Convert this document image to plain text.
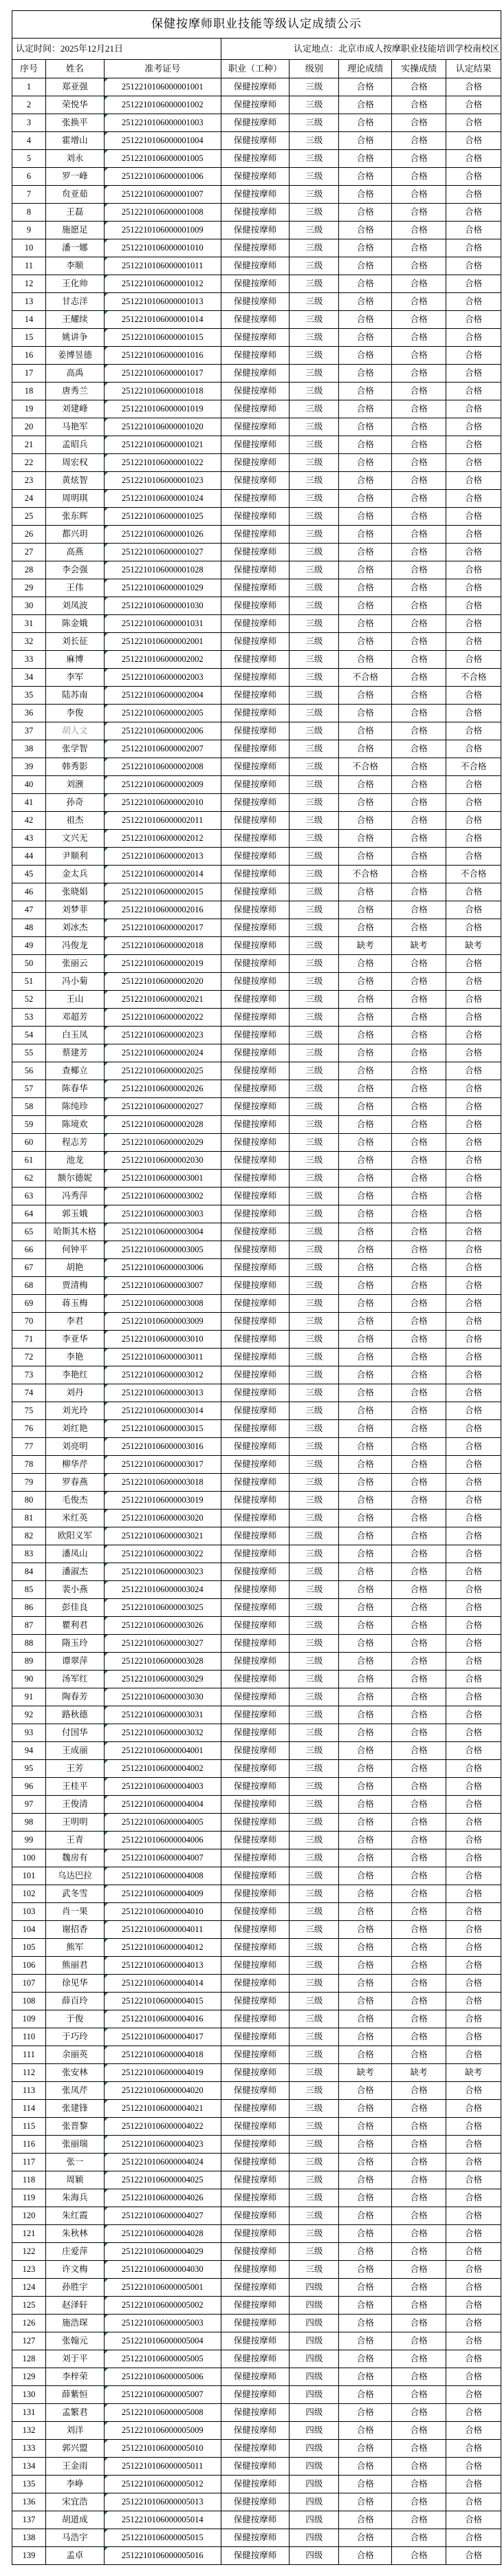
保健按摩师职业技能等级认定成绩公示
认定时间：2025年12月21日	认定地点：北京市成人按摩职业技能培训学校南校区
序号	姓名	准考证号	职业（工种）	级别	理论成绩	实操成绩	认定结果
1	郑亚强	2512210106000001001	保健按摩师	三级	合格	合格	合格
2	荣悦华	2512210106000001002	保健按摩师	三级	合格	合格	合格
3	张换平	2512210106000001003	保健按摩师	三级	合格	合格	合格
4	霍增山	2512210106000001004	保健按摩师	三级	合格	合格	合格
5	刘永	2512210106000001005	保健按摩师	三级	合格	合格	合格
6	罗一峰	2512210106000001006	保健按摩师	三级	合格	合格	合格
7	贠亚茹	2512210106000001007	保健按摩师	三级	合格	合格	合格
8	王磊	2512210106000001008	保健按摩师	三级	合格	合格	合格
9	施愿足	2512210106000001009	保健按摩师	三级	合格	合格	合格
10	潘一娜	2512210106000001010	保健按摩师	三级	合格	合格	合格
11	李顺	2512210106000001011	保健按摩师	三级	合格	合格	合格
12	王化帅	2512210106000001012	保健按摩师	三级	合格	合格	合格
13	甘志洋	2512210106000001013	保健按摩师	三级	合格	合格	合格
14	王耀续	2512210106000001014	保健按摩师	三级	合格	合格	合格
15	姚讲争	2512210106000001015	保健按摩师	三级	合格	合格	合格
16	姜博昱德	2512210106000001016	保健按摩师	三级	合格	合格	合格
17	高禹	2512210106000001017	保健按摩师	三级	合格	合格	合格
18	唐秀兰	2512210106000001018	保健按摩师	三级	合格	合格	合格
19	刘建峰	2512210106000001019	保健按摩师	三级	合格	合格	合格
20	马艳军	2512210106000001020	保健按摩师	三级	合格	合格	合格
21	孟昭兵	2512210106000001021	保健按摩师	三级	合格	合格	合格
22	周宏权	2512210106000001022	保健按摩师	三级	合格	合格	合格
23	黄炫智	2512210106000001023	保健按摩师	三级	合格	合格	合格
24	周明琪	2512210106000001024	保健按摩师	三级	合格	合格	合格
25	张东辉	2512210106000001025	保健按摩师	三级	合格	合格	合格
26	都兴玥	2512210106000001026	保健按摩师	三级	合格	合格	合格
27	高燕	2512210106000001027	保健按摩师	三级	合格	合格	合格
28	李会强	2512210106000001028	保健按摩师	三级	合格	合格	合格
29	王伟	2512210106000001029	保健按摩师	三级	合格	合格	合格
30	刘凤波	2512210106000001030	保健按摩师	三级	合格	合格	合格
31	陈金娥	2512210106000001031	保健按摩师	三级	合格	合格	合格
32	刘长征	2512210106000002001	保健按摩师	三级	合格	合格	合格
33	麻博	2512210106000002002	保健按摩师	三级	合格	合格	合格
34	李军	2512210106000002003	保健按摩师	三级	不合格	合格	不合格
35	陆苏南	2512210106000002004	保健按摩师	三级	合格	合格	合格
36	李俊	2512210106000002005	保健按摩师	三级	合格	合格	合格
37	胡人文	2512210106000002006	保健按摩师	三级	合格	合格	合格
38	张学智	2512210106000002007	保健按摩师	三级	合格	合格	合格
39	韩秀影	2512210106000002008	保健按摩师	三级	不合格	合格	不合格
40	刘滪	2512210106000002009	保健按摩师	三级	合格	合格	合格
41	孙奇	2512210106000002010	保健按摩师	三级	合格	合格	合格
42	祖杰	2512210106000002011	保健按摩师	三级	合格	合格	合格
43	文兴无	2512210106000002012	保健按摩师	三级	合格	合格	合格
44	尹顺利	2512210106000002013	保健按摩师	三级	合格	合格	合格
45	金太兵	2512210106000002014	保健按摩师	三级	不合格	合格	不合格
46	张晓娟	2512210106000002015	保健按摩师	三级	合格	合格	合格
47	刘梦菲	2512210106000002016	保健按摩师	三级	合格	合格	合格
48	刘冰杰	2512210106000002017	保健按摩师	三级	合格	合格	合格
49	冯俊龙	2512210106000002018	保健按摩师	三级	缺考	缺考	缺考
50	张丽云	2512210106000002019	保健按摩师	三级	合格	合格	合格
51	冯小菊	2512210106000002020	保健按摩师	三级	合格	合格	合格
52	王山	2512210106000002021	保健按摩师	三级	合格	合格	合格
53	邓超芳	2512210106000002022	保健按摩师	三级	合格	合格	合格
54	白玉凤	2512210106000002023	保健按摩师	三级	合格	合格	合格
55	蔡建芳	2512210106000002024	保健按摩师	三级	合格	合格	合格
56	查椰立	2512210106000002025	保健按摩师	三级	合格	合格	合格
57	陈春华	2512210106000002026	保健按摩师	三级	合格	合格	合格
58	陈纯珍	2512210106000002027	保健按摩师	三级	合格	合格	合格
59	陈境欢	2512210106000002028	保健按摩师	三级	合格	合格	合格
60	程志芳	2512210106000002029	保健按摩师	三级	合格	合格	合格
61	池龙	2512210106000002030	保健按摩师	三级	合格	合格	合格
62	额尔德妮	2512210106000003001	保健按摩师	三级	合格	合格	合格
63	冯秀萍	2512210106000003002	保健按摩师	三级	合格	合格	合格
64	郭玉娥	2512210106000003003	保健按摩师	三级	合格	合格	合格
65 哈斯其木格	2512210106000003004	保健按摩师	三级	合格	合格	合格
66	何钟平	2512210106000003005	保健按摩师	三级	合格	合格	合格
67	胡艳	2512210106000003006	保健按摩师	三级	合格	合格	合格
68	贾清梅	2512210106000003007	保健按摩师	三级	合格	合格	合格
69	蒋玉梅	2512210106000003008	保健按摩师	三级	合格	合格	合格
70	李君	2512210106000003009	保健按摩师	三级	合格	合格	合格
71	李亚华	2512210106000003010	保健按摩师	三级	合格	合格	合格
72	李艳	2512210106000003011	保健按摩师	三级	合格	合格	合格
73	李艳红	2512210106000003012	保健按摩师	三级	合格	合格	合格
74	刘丹	2512210106000003013	保健按摩师	三级	合格	合格	合格
75	刘光玲	2512210106000003014	保健按摩师	三级	合格	合格	合格
76	刘红艳	2512210106000003015	保健按摩师	三级	合格	合格	合格
77	刘亮明	2512210106000003016	保健按摩师	三级	合格	合格	合格
78	柳华芹	2512210106000003017	保健按摩师	三级	合格	合格	合格
79	罗春燕	2512210106000003018	保健按摩师	三级	合格	合格	合格
80	毛俊杰	2512210106000003019	保健按摩师	三级	合格	合格	合格
81	米红英	2512210106000003020	保健按摩师	三级	合格	合格	合格
82	欧阳义军	2512210106000003021	保健按摩师	三级	合格	合格	合格
83	潘凤山	2512210106000003022	保健按摩师	三级	合格	合格	合格
84	潘淑杰	2512210106000003023	保健按摩师	三级	合格	合格	合格
85	裴小燕	2512210106000003024	保健按摩师	三级	合格	合格	合格
86	彭佳良	2512210106000003025	保健按摩师	三级	合格	合格	合格
87	瞿利君	2512210106000003026	保健按摩师	三级	合格	合格	合格
88	隋玉玲	2512210106000003027	保健按摩师	三级	合格	合格	合格
89	谭翠萍	2512210106000003028	保健按摩师	三级	合格	合格	合格
90	汤军红	2512210106000003029	保健按摩师	三级	合格	合格	合格
91	陶春芳	2512210106000003030	保健按摩师	三级	合格	合格	合格
92	路秋德	2512210106000003031	保健按摩师	三级	合格	合格	合格
93	付国华	2512210106000003032	保健按摩师	三级	合格	合格	合格
94	王成丽	2512210106000004001	保健按摩师	三级	合格	合格	合格
95	王芳	2512210106000004002	保健按摩师	三级	合格	合格	合格
96	王桂平	2512210106000004003	保健按摩师	三级	合格	合格	合格
97	王俊清	2512210106000004004	保健按摩师	三级	合格	合格	合格
98	王明明	2512210106000004005	保健按摩师	三级	合格	合格	合格
99	王青	2512210106000004006	保健按摩师	三级	合格	合格	合格
100	魏房有	2512210106000004007	保健按摩师	三级	合格	合格	合格
101	乌达巴拉	2512210106000004008	保健按摩师	三级	合格	合格	合格
102	武冬雪	2512210106000004009	保健按摩师	三级	合格	合格	合格
103	肖一果	2512210106000004010	保健按摩师	三级	合格	合格	合格
104	谢招香	2512210106000004011	保健按摩师	三级	合格	合格	合格
105	熊军	2512210106000004012	保健按摩师	三级	合格	合格	合格
106	熊丽君	2512210106000004013	保健按摩师	三级	合格	合格	合格
107	徐见华	2512210106000004014	保健按摩师	三级	合格	合格	合格
108	薛百玲	2512210106000004015	保健按摩师	三级	合格	合格	合格
109	于俊	2512210106000004016	保健按摩师	三级	合格	合格	合格
110	于巧玲	2512210106000004017	保健按摩师	三级	合格	合格	合格
111	余丽英	2512210106000004018	保健按摩师	三级	合格	合格	合格
112	张安林	2512210106000004019	保健按摩师	三级	缺考	缺考	缺考
113	张凤芹	2512210106000004020	保健按摩师	三级	合格	合格	合格
114	张建锋	2512210106000004021	保健按摩师	三级	合格	合格	合格
115	张晋黎	2512210106000004022	保健按摩师	三级	合格	合格	合格
116	张丽瑞	2512210106000004023	保健按摩师	三级	合格	合格	合格
117	张一	2512210106000004024	保健按摩师	三级	合格	合格	合格
118	周颖	2512210106000004025	保健按摩师	三级	合格	合格	合格
119	朱海兵	2512210106000004026	保健按摩师	三级	合格	合格	合格
120	朱红霞	2512210106000004027	保健按摩师	三级	合格	合格	合格
121	朱秋林	2512210106000004028	保健按摩师	三级	合格	合格	合格
122	庄爱萍	2512210106000004029	保健按摩师	三级	合格	合格	合格
123	许文梅	2512210106000004030	保健按摩师	三级	合格	合格	合格
124	孙胜宇	2512210106000005001	保健按摩师	四级	合格	合格	合格
125	赵泽轩	2512210106000005002	保健按摩师	四级	合格	合格	合格
126	施浩琛	2512210106000005003	保健按摩师	四级	合格	合格	合格
127	张翰元	2512210106000005004	保健按摩师	四级	合格	合格	合格
128	刘于平	2512210106000005005	保健按摩师	四级	合格	合格	合格
129	李梓荣	2512210106000005006	保健按摩师	四级	合格	合格	合格
130	薛紫恒	2512210106000005007	保健按摩师	四级	合格	合格	合格
131	孟繁君	2512210106000005008	保健按摩师	四级	合格	合格	合格
132	刘洋	2512210106000005009	保健按摩师	四级	合格	合格	合格
133	郭兴盟	2512210106000005010	保健按摩师	四级	合格	合格	合格
134	王金雨	2512210106000005011	保健按摩师	四级	合格	合格	合格
135	李峥	2512210106000005012	保健按摩师	四级	合格	合格	合格
136	宋宜浩	2512210106000005013	保健按摩师	四级	合格	合格	合格
137	胡道成	2512210106000005014	保健按摩师	四级	合格	合格	合格
138	马浩宇	2512210106000005015	保健按摩师	四级	合格	合格	合格
139	孟卓	2512210106000005016	保健按摩师	四级	合格	合格	合格
